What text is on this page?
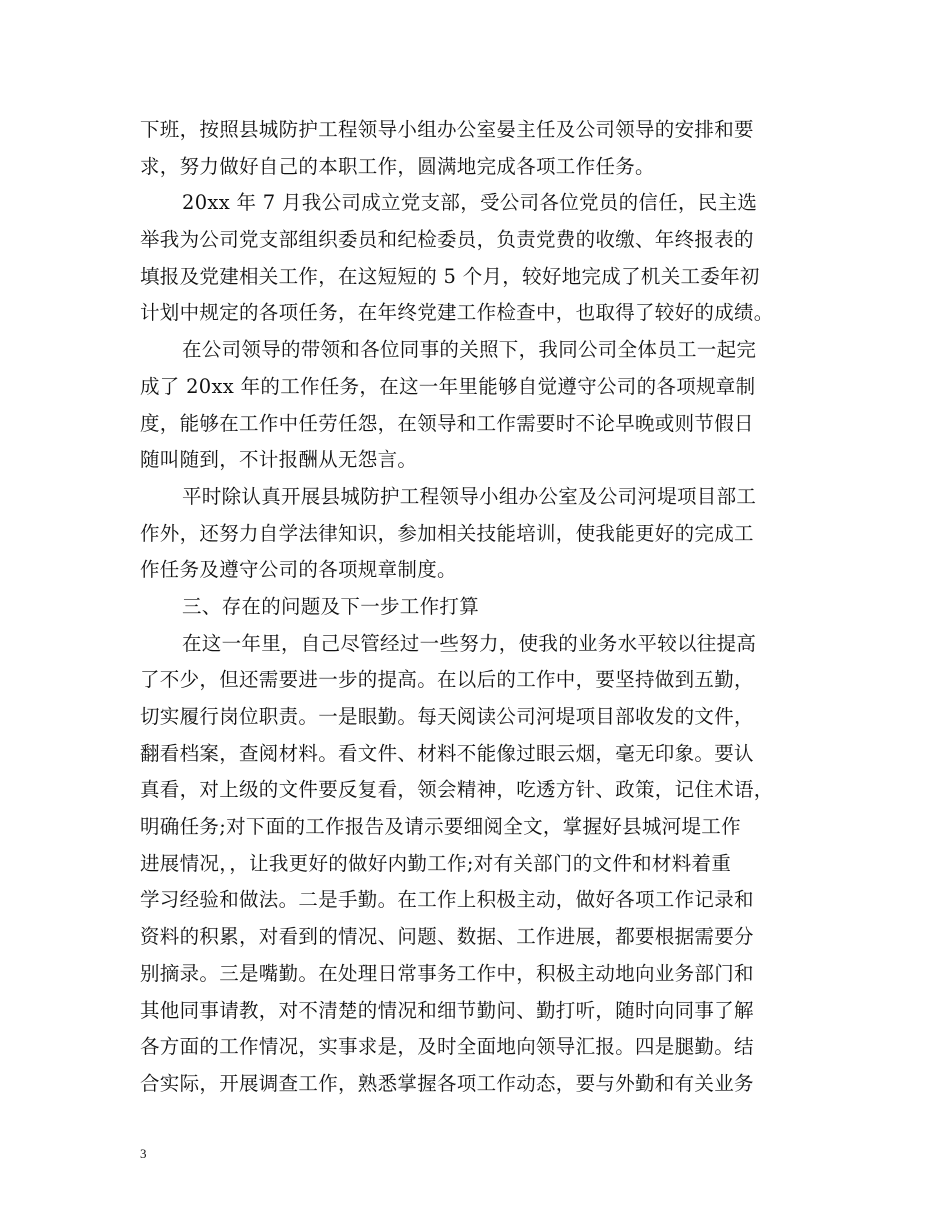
下班，按照县城防护工程领导小组办公室晏主任及公司领导的安排和要
求，努力做好自己的本职工作，圆满地完成各项工作任务。
20xx 年 7 月我公司成立党支部，受公司各位党员的信任，民主选
举我为公司党支部组织委员和纪检委员，负责党费的收缴、年终报表的
填报及党建相关工作，在这短短的 5 个月，较好地完成了机关工委年初
计划中规定的各项任务，在年终党建工作检查中，也取得了较好的成绩。
在公司领导的带领和各位同事的关照下，我同公司全体员工一起完
成了 20xx 年的工作任务，在这一年里能够自觉遵守公司的各项规章制
度，能够在工作中任劳任怨，在领导和工作需要时不论早晚或则节假日
随叫随到，不计报酬从无怨言。
平时除认真开展县城防护工程领导小组办公室及公司河堤项目部工
作外，还努力自学法律知识，参加相关技能培训，使我能更好的完成工
作任务及遵守公司的各项规章制度。
三、存在的问题及下一步工作打算
在这一年里，自己尽管经过一些努力，使我的业务水平较以往提高
了不少，但还需要进一步的提高。在以后的工作中，要坚持做到五勤，
切实履行岗位职责。一是眼勤。每天阅读公司河堤项目部收发的文件，
翻看档案，查阅材料。看文件、材料不能像过眼云烟，毫无印象。要认
真看，对上级的文件要反复看，领会精神，吃透方针、政策，记住术语，
明确任务;对下面的工作报告及请示要细阅全文，掌握好县城河堤工作
进展情况，，让我更好的做好内勤工作;对有关部门的文件和材料着重
学习经验和做法。二是手勤。在工作上积极主动，做好各项工作记录和
资料的积累，对看到的情况、问题、数据、工作进展，都要根据需要分
别摘录。三是嘴勤。在处理日常事务工作中，积极主动地向业务部门和
其他同事请教，对不清楚的情况和细节勤问、勤打听，随时向同事了解
各方面的工作情况，实事求是，及时全面地向领导汇报。四是腿勤。结
合实际，开展调查工作，熟悉掌握各项工作动态，要与外勤和有关业务
3
